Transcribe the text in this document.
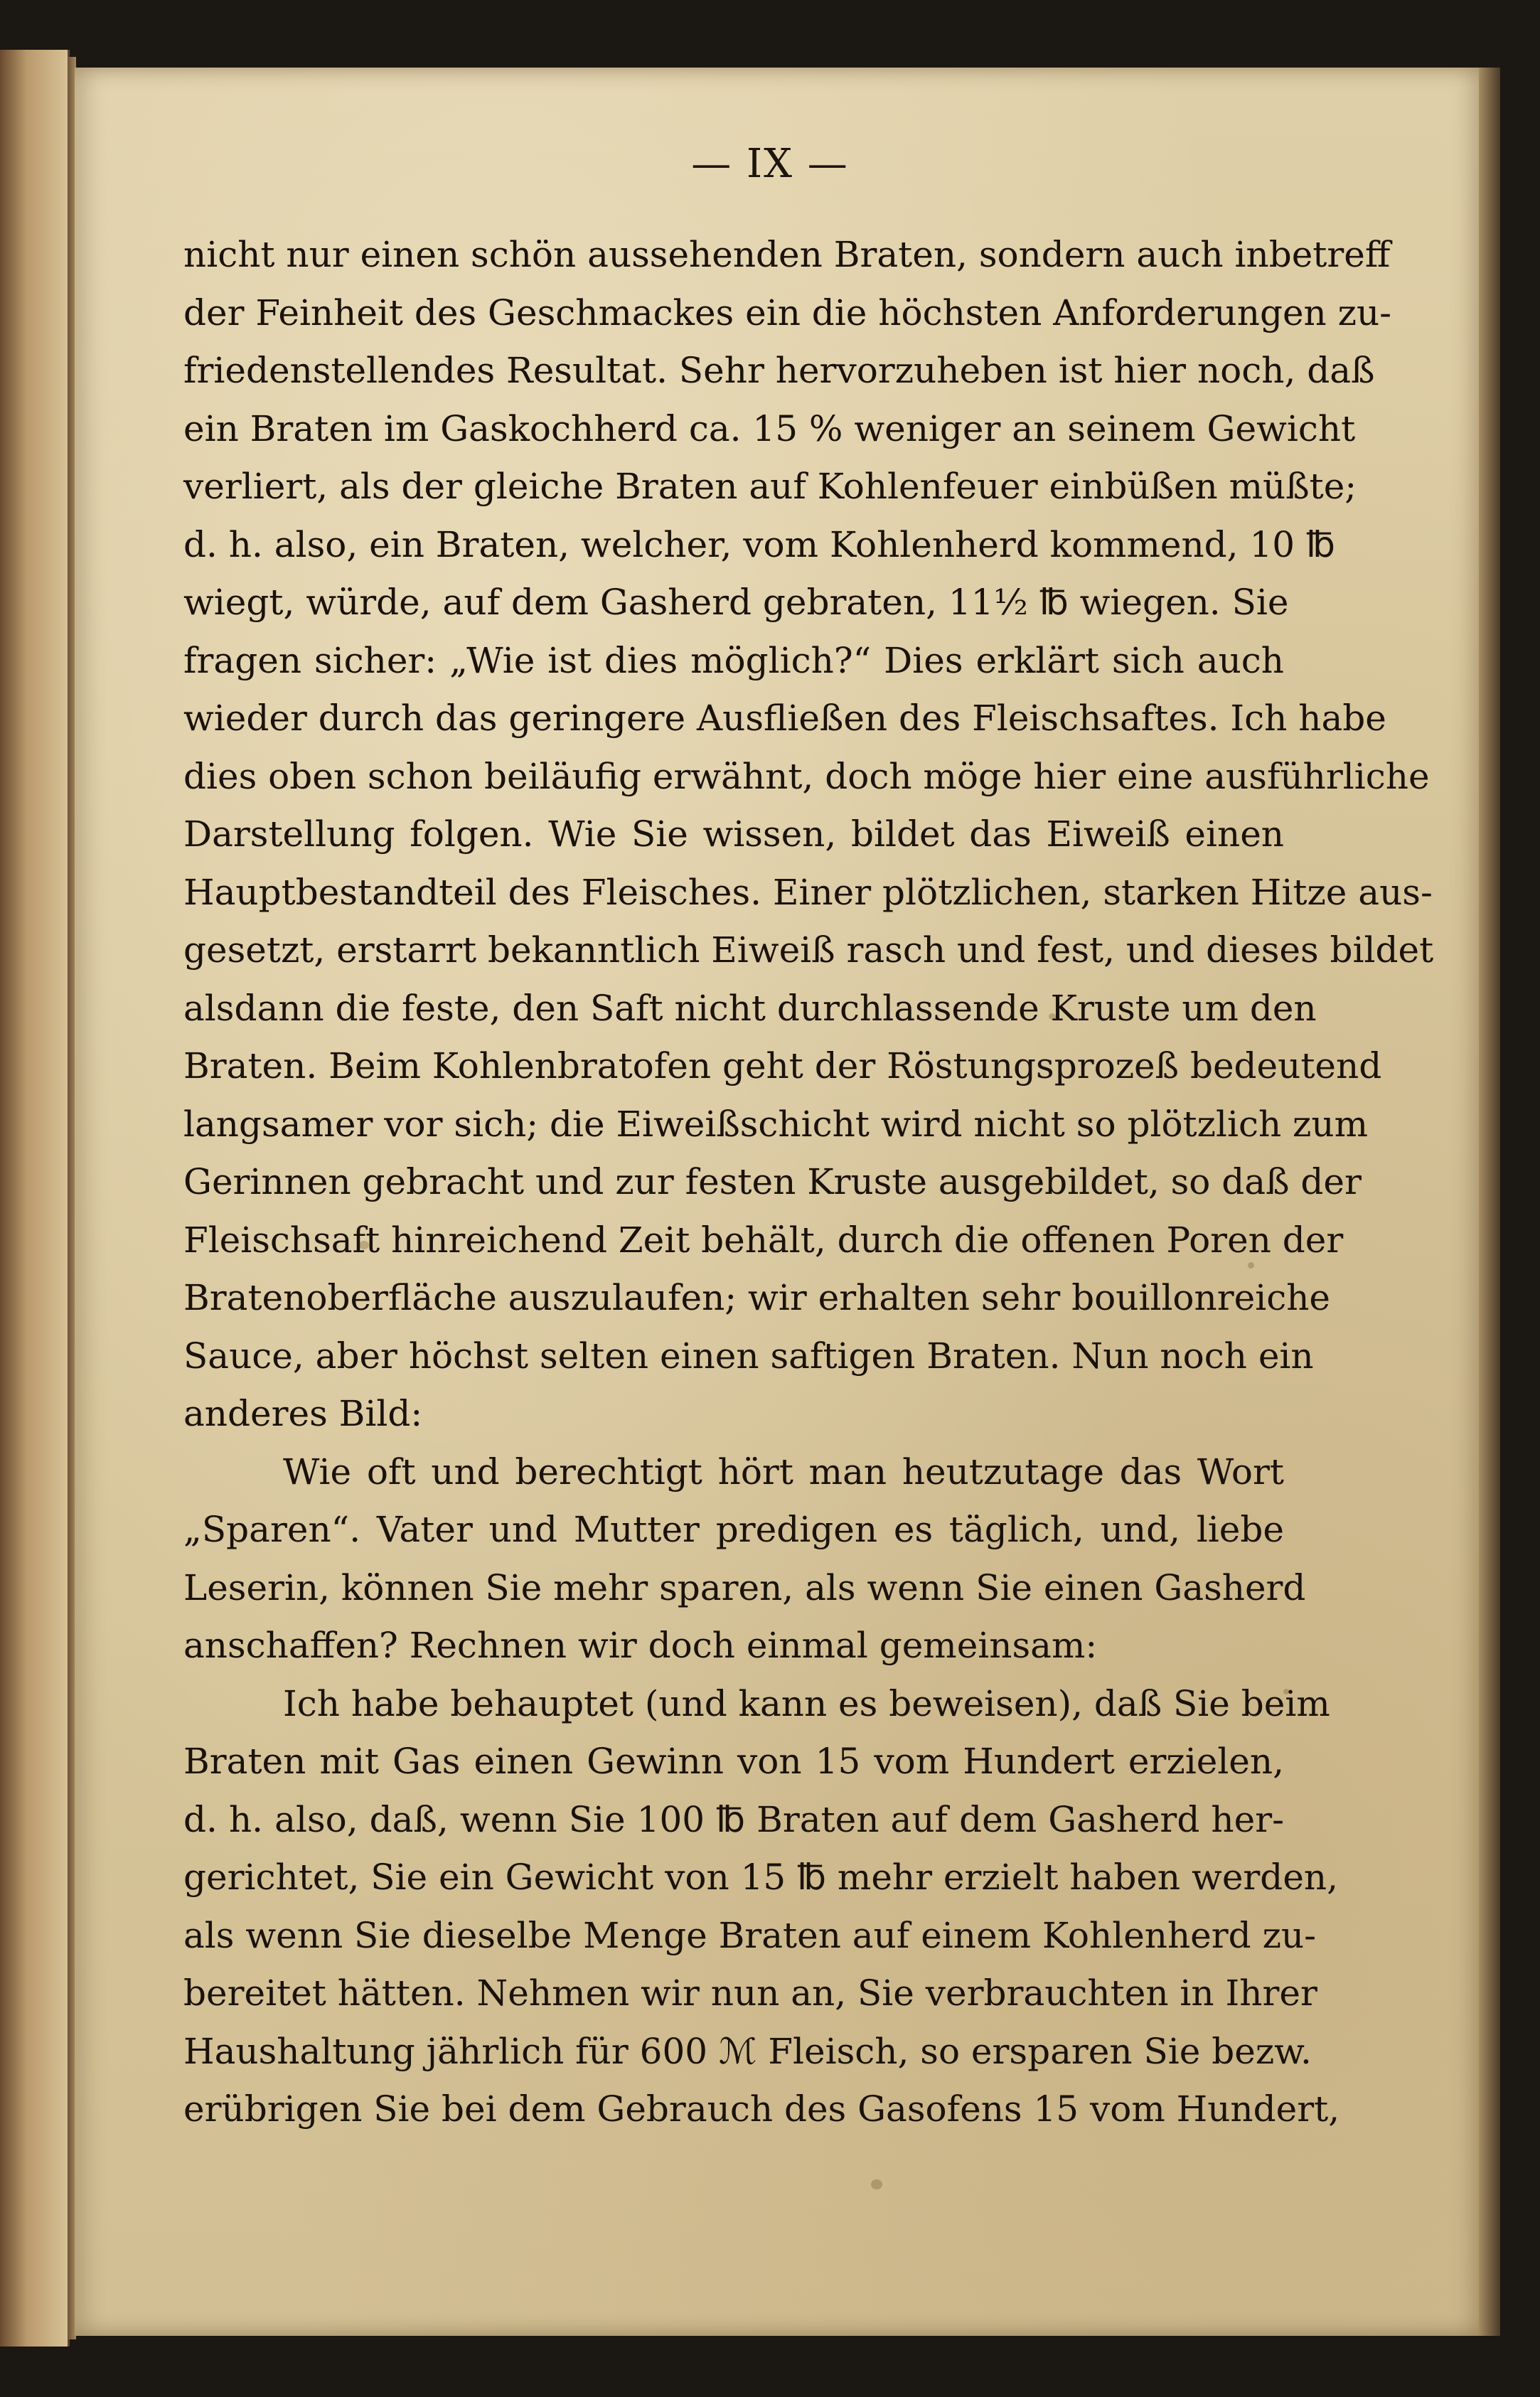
— IX —
nicht nur einen schön aussehenden Braten, sondern auch inbetreff
der Feinheit des Geschmackes ein die höchsten Anforderungen zu-
friedenstellendes Resultat. Sehr hervorzuheben ist hier noch, daß
ein Braten im Gaskochherd ca. 15 % weniger an seinem Gewicht
verliert, als der gleiche Braten auf Kohlenfeuer einbüßen müßte;
d. h. also, ein Braten, welcher, vom Kohlenherd kommend, 10 ℔
wiegt, würde, auf dem Gasherd gebraten, 11½ ℔ wiegen. Sie
fragen sicher: „Wie ist dies möglich?“ Dies erklärt sich auch
wieder durch das geringere Ausfließen des Fleischsaftes. Ich habe
dies oben schon beiläufig erwähnt, doch möge hier eine ausführliche
Darstellung folgen. Wie Sie wissen, bildet das Eiweiß einen
Hauptbestandteil des Fleisches. Einer plötzlichen, starken Hitze aus-
gesetzt, erstarrt bekanntlich Eiweiß rasch und fest, und dieses bildet
alsdann die feste, den Saft nicht durchlassende Kruste um den
Braten. Beim Kohlenbratofen geht der Röstungsprozeß bedeutend
langsamer vor sich; die Eiweißschicht wird nicht so plötzlich zum
Gerinnen gebracht und zur festen Kruste ausgebildet, so daß der
Fleischsaft hinreichend Zeit behält, durch die offenen Poren der
Bratenoberfläche auszulaufen; wir erhalten sehr bouillonreiche
Sauce, aber höchst selten einen saftigen Braten. Nun noch ein
anderes Bild:
Wie oft und berechtigt hört man heutzutage das Wort
„Sparen“. Vater und Mutter predigen es täglich, und, liebe
Leserin, können Sie mehr sparen, als wenn Sie einen Gasherd
anschaffen? Rechnen wir doch einmal gemeinsam:
Ich habe behauptet (und kann es beweisen), daß Sie beim
Braten mit Gas einen Gewinn von 15 vom Hundert erzielen,
d. h. also, daß, wenn Sie 100 ℔ Braten auf dem Gasherd her-
gerichtet, Sie ein Gewicht von 15 ℔ mehr erzielt haben werden,
als wenn Sie dieselbe Menge Braten auf einem Kohlenherd zu-
bereitet hätten. Nehmen wir nun an, Sie verbrauchten in Ihrer
Haushaltung jährlich für 600 ℳ Fleisch, so ersparen Sie bezw.
erübrigen Sie bei dem Gebrauch des Gasofens 15 vom Hundert,
